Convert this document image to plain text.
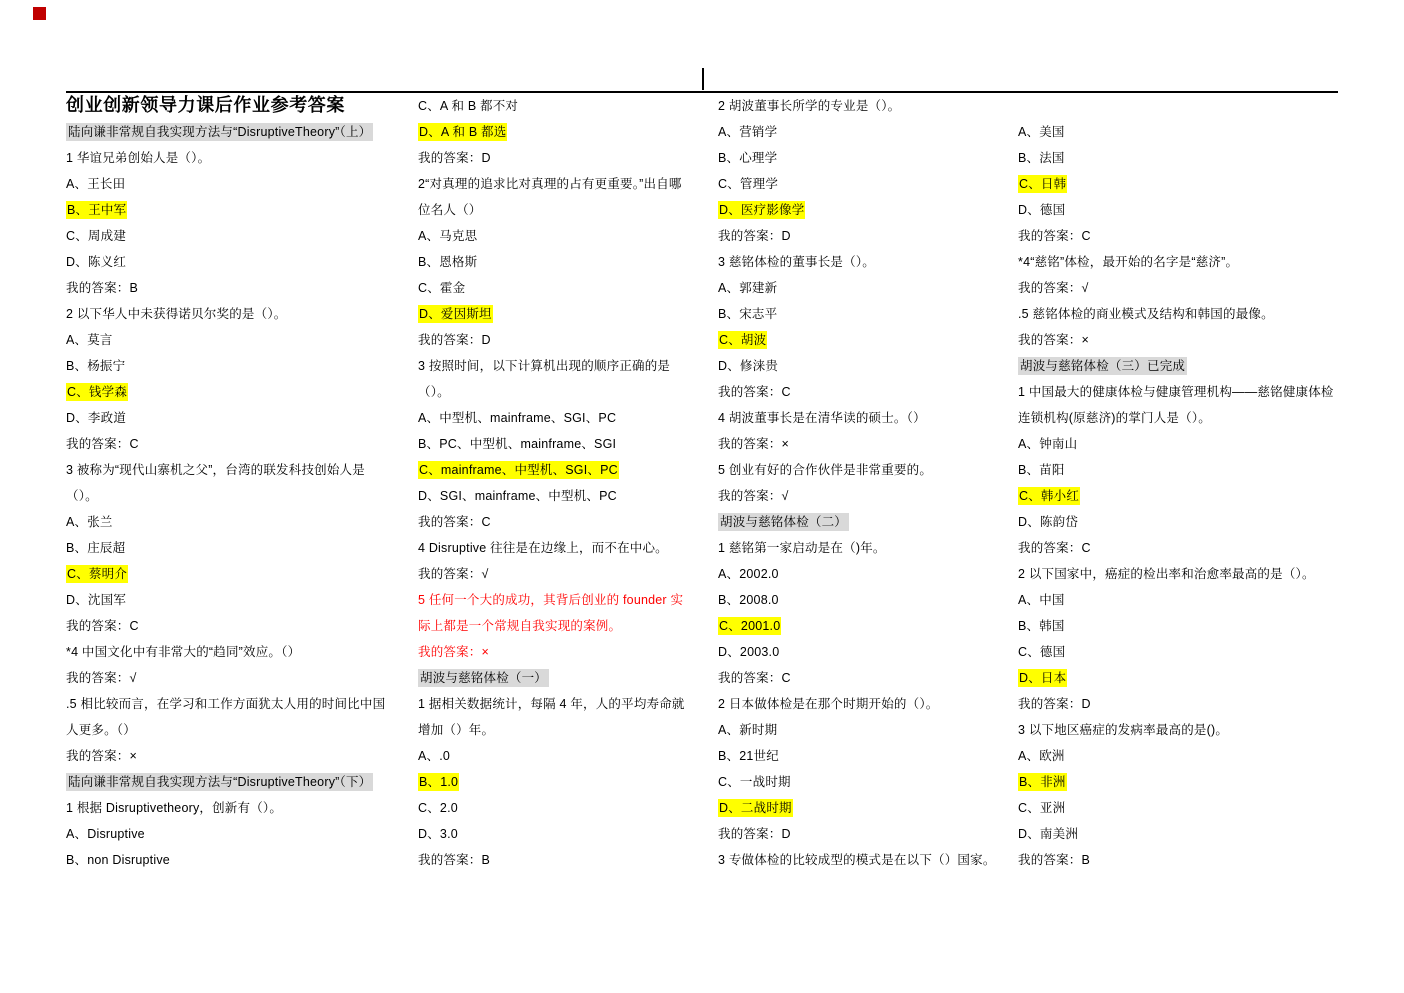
创业创新领导力课后作业参考答案
陆向谦非常规自我实现方法与“DisruptiveTheory”（上）
1 华谊兄弟创始人是（）。
A、王长田
B、王中军
C、周成建
D、陈义红
我的答案：B
2 以下华人中未获得诺贝尔奖的是（）。
A、莫言
B、杨振宁
C、钱学森
D、李政道
我的答案：C
3 被称为“现代山寨机之父”，台湾的联发科技创始人是
（）。
A、张兰
B、庄辰超
C、蔡明介
D、沈国军
我的答案：C
*4 中国文化中有非常大的“趋同”效应。（）
我的答案：√
.5 相比较而言，在学习和工作方面犹太人用的时间比中国
人更多。（）
我的答案：×
陆向谦非常规自我实现方法与“DisruptiveTheory”（下）
1 根据 Disruptivetheory，创新有（）。
A、Disruptive
B、non Disruptive
C、A 和 B 都不对
D、A 和 B 都选
我的答案：D
2“对真理的追求比对真理的占有更重要。”出自哪
位名人（）
A、马克思
B、恩格斯
C、霍金
D、爱因斯坦
我的答案：D
3 按照时间，以下计算机出现的顺序正确的是
（）。
A、中型机、mainframe、SGI、PC
B、PC、中型机、mainframe、SGI
C、mainframe、中型机、SGI、PC
D、SGI、mainframe、中型机、PC
我的答案：C
4 Disruptive 往往是在边缘上，而不在中心。
我的答案：√
5 任何一个大的成功，其背后创业的 founder 实
际上都是一个常规自我实现的案例。
我的答案：×
胡波与慈铭体检（一）
1 据相关数据统计，每隔 4 年，人的平均寿命就
增加（）年。
A、.0
B、1.0
C、2.0
D、3.0
我的答案：B
2 胡波董事长所学的专业是（）。
A、营销学
B、心理学
C、管理学
D、医疗影像学
我的答案：D
3 慈铭体检的董事长是（）。
A、郭建新
B、宋志平
C、胡波
D、修涞贵
我的答案：C
4 胡波董事长是在清华读的硕士。（）
我的答案：×
5 创业有好的合作伙伴是非常重要的。
我的答案：√
胡波与慈铭体检（二）
1 慈铭第一家启动是在（)年。
A、2002.0
B、2008.0
C、2001.0
D、2003.0
我的答案：C
2 日本做体检是在那个时期开始的（）。
A、新时期
B、21世纪
C、一战时期
D、二战时期
我的答案：D
3 专做体检的比较成型的模式是在以下（）国家。
A、美国
B、法国
C、日韩
D、德国
我的答案：C
*4“慈铭”体检，最开始的名字是“慈济”。
我的答案：√
.5 慈铭体检的商业模式及结构和韩国的最像。
我的答案：×
胡波与慈铭体检（三）已完成
1 中国最大的健康体检与健康管理机构——慈铭健康体检
连锁机构(原慈济)的掌门人是（）。
A、钟南山
B、苗阳
C、韩小红
D、陈韵岱
我的答案：C
2 以下国家中，癌症的检出率和治愈率最高的是（）。
A、中国
B、韩国
C、德国
D、日本
我的答案：D
3 以下地区癌症的发病率最高的是()。
A、欧洲
B、非洲
C、亚洲
D、南美洲
我的答案：B
